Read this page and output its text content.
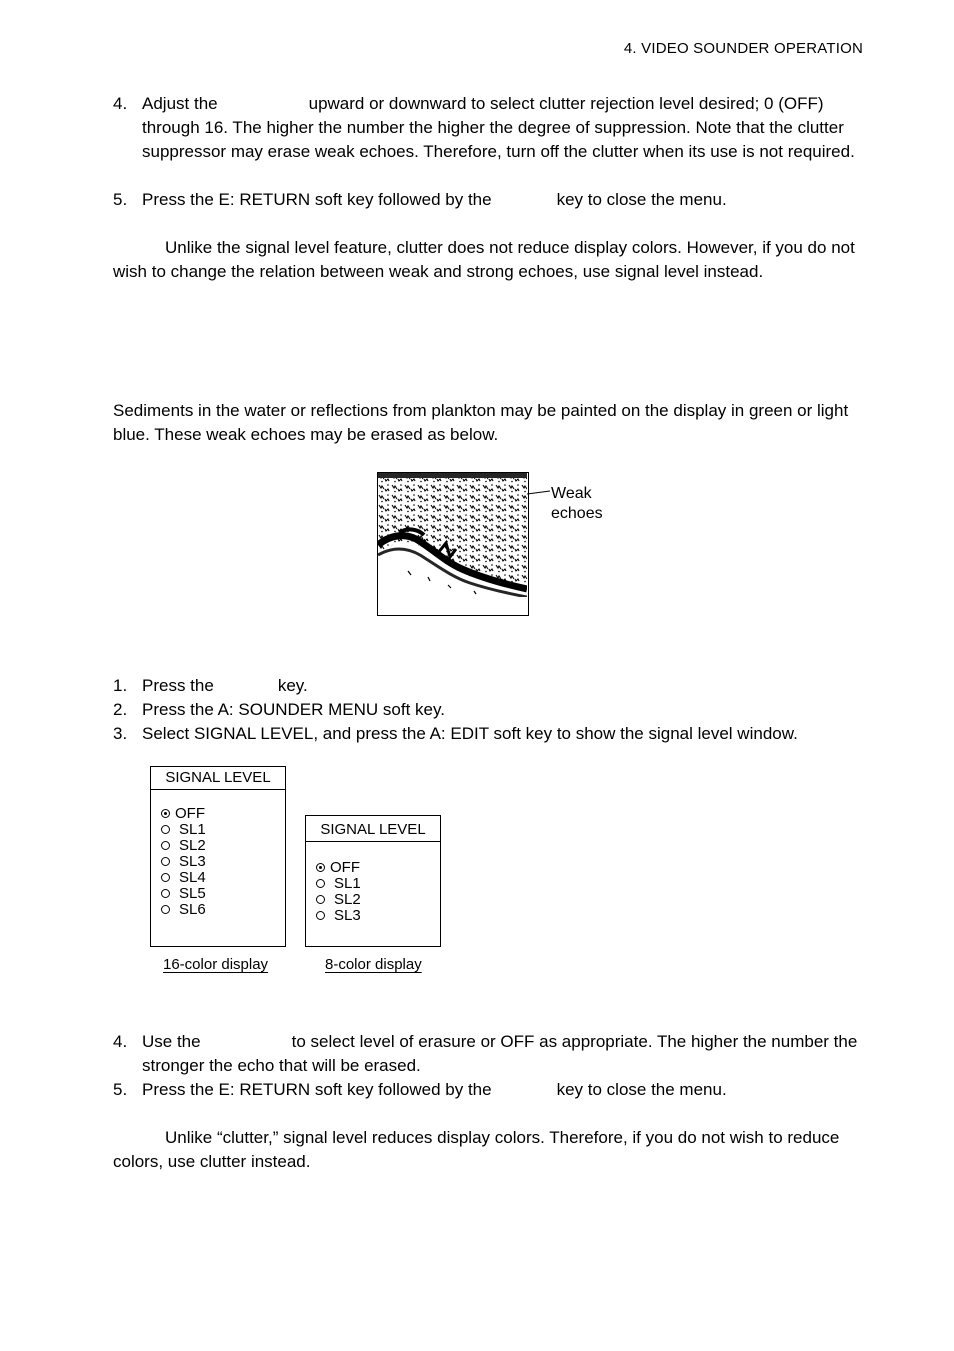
4. VIDEO SOUNDER OPERATION
4. Adjust the	upward or downward to select clutter rejection level desired; 0 (OFF) through 16. The higher the number the higher the degree of suppression. Note that the clutter suppressor may erase weak echoes. Therefore, turn off the clutter when its use is not required.
5. Press the E: RETURN soft key followed by the	key to close the menu.
Unlike the signal level feature, clutter does not reduce display colors. However, if you do not wish to change the relation between weak and strong echoes, use signal level instead.
Sediments in the water or reflections from plankton may be painted on the display in green or light blue. These weak echoes may be erased as below.
Weak
echoes
1. Press the	key.
2. Press the A: SOUNDER MENU soft key.
3. Select SIGNAL LEVEL, and press the A: EDIT soft key to show the signal level window.
SIGNAL LEVEL
OFF
SL1
SL2
SL3
SL4
SL5
SL6
16-color display
SIGNAL LEVEL
OFF
SL1
SL2
SL3
8-color display
4. Use the	to select level of erasure or OFF as appropriate. The higher the number the stronger the echo that will be erased.
5. Press the E: RETURN soft key followed by the	key to close the menu.
Unlike “clutter,” signal level reduces display colors. Therefore, if you do not wish to reduce colors, use clutter instead.
